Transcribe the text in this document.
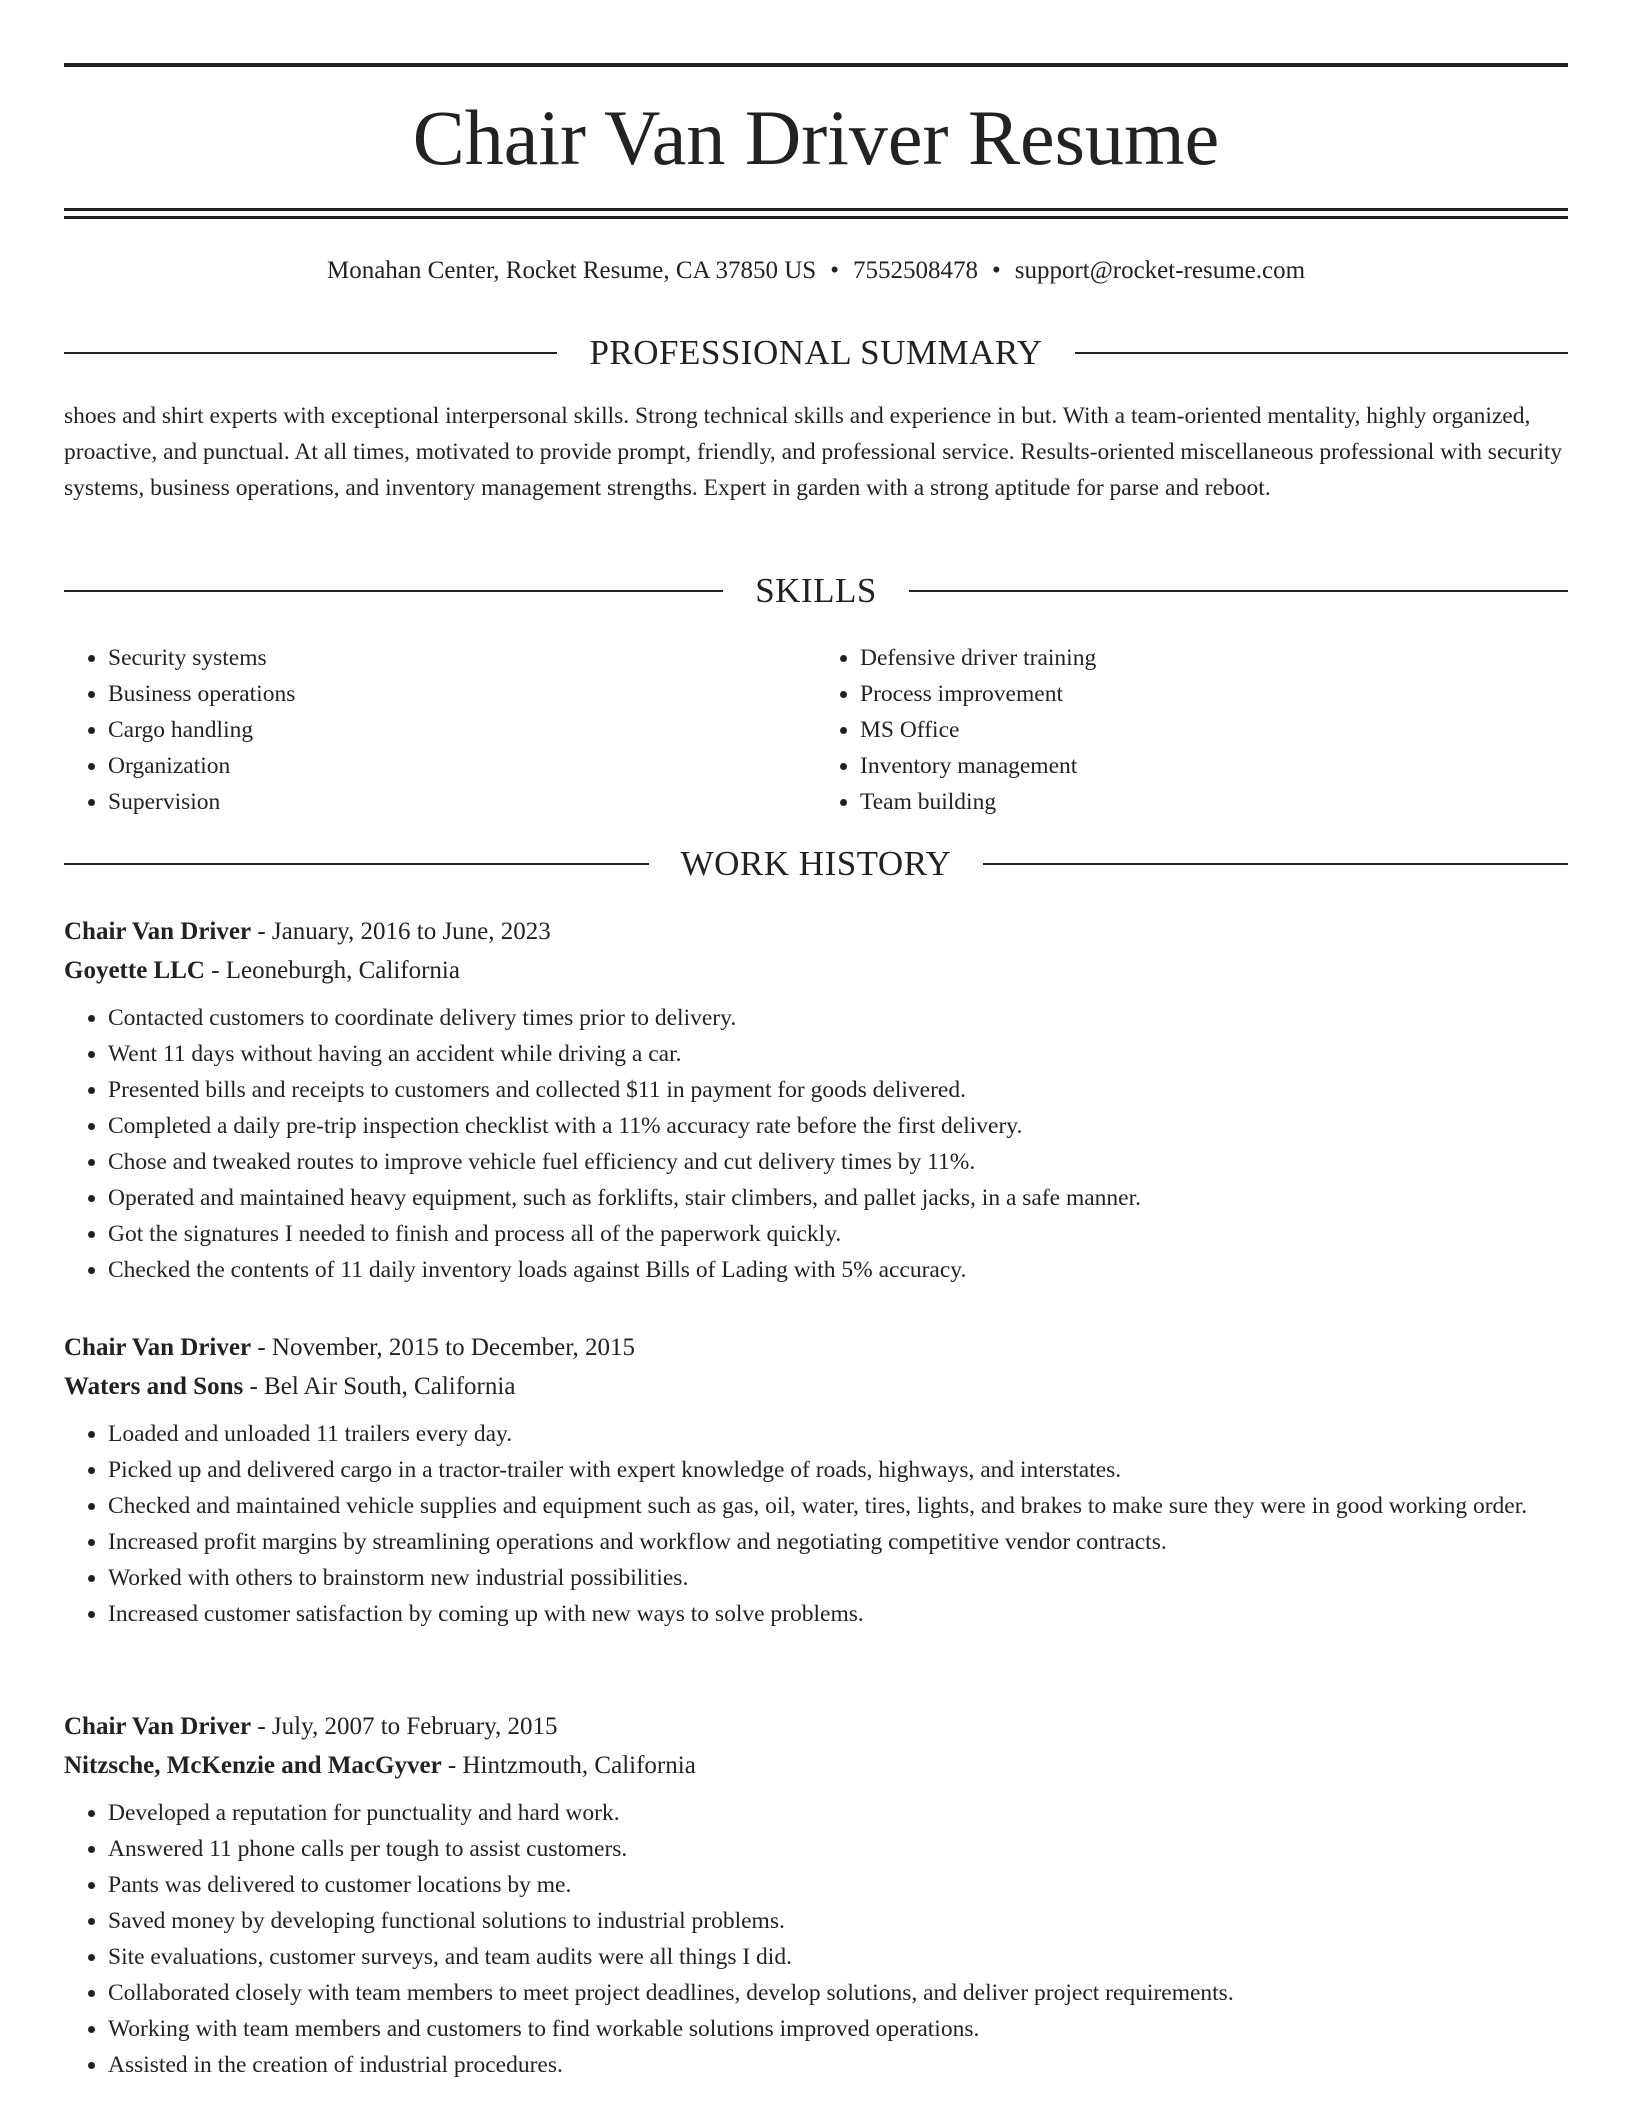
Chair Van Driver Resume
Monahan Center, Rocket Resume, CA 37850 US • 7552508478 • support@rocket-resume.com
PROFESSIONAL SUMMARY
shoes and shirt experts with exceptional interpersonal skills. Strong technical skills and experience in but. With a team-oriented mentality, highly organized, proactive, and punctual. At all times, motivated to provide prompt, friendly, and professional service. Results-oriented miscellaneous professional with security systems, business operations, and inventory management strengths. Expert in garden with a strong aptitude for parse and reboot.
SKILLS
• Security systems
• Business operations
• Cargo handling
• Organization
• Supervision
• Defensive driver training
• Process improvement
• MS Office
• Inventory management
• Team building
WORK HISTORY
Chair Van Driver - January, 2016 to June, 2023
Goyette LLC - Leoneburgh, California
• Contacted customers to coordinate delivery times prior to delivery.
• Went 11 days without having an accident while driving a car.
• Presented bills and receipts to customers and collected $11 in payment for goods delivered.
• Completed a daily pre-trip inspection checklist with a 11% accuracy rate before the first delivery.
• Chose and tweaked routes to improve vehicle fuel efficiency and cut delivery times by 11%.
• Operated and maintained heavy equipment, such as forklifts, stair climbers, and pallet jacks, in a safe manner.
• Got the signatures I needed to finish and process all of the paperwork quickly.
• Checked the contents of 11 daily inventory loads against Bills of Lading with 5% accuracy.
Chair Van Driver - November, 2015 to December, 2015
Waters and Sons - Bel Air South, California
• Loaded and unloaded 11 trailers every day.
• Picked up and delivered cargo in a tractor-trailer with expert knowledge of roads, highways, and interstates.
• Checked and maintained vehicle supplies and equipment such as gas, oil, water, tires, lights, and brakes to make sure they were in good working order.
• Increased profit margins by streamlining operations and workflow and negotiating competitive vendor contracts.
• Worked with others to brainstorm new industrial possibilities.
• Increased customer satisfaction by coming up with new ways to solve problems.
Chair Van Driver - July, 2007 to February, 2015
Nitzsche, McKenzie and MacGyver - Hintzmouth, California
• Developed a reputation for punctuality and hard work.
• Answered 11 phone calls per tough to assist customers.
• Pants was delivered to customer locations by me.
• Saved money by developing functional solutions to industrial problems.
• Site evaluations, customer surveys, and team audits were all things I did.
• Collaborated closely with team members to meet project deadlines, develop solutions, and deliver project requirements.
• Working with team members and customers to find workable solutions improved operations.
• Assisted in the creation of industrial procedures.
